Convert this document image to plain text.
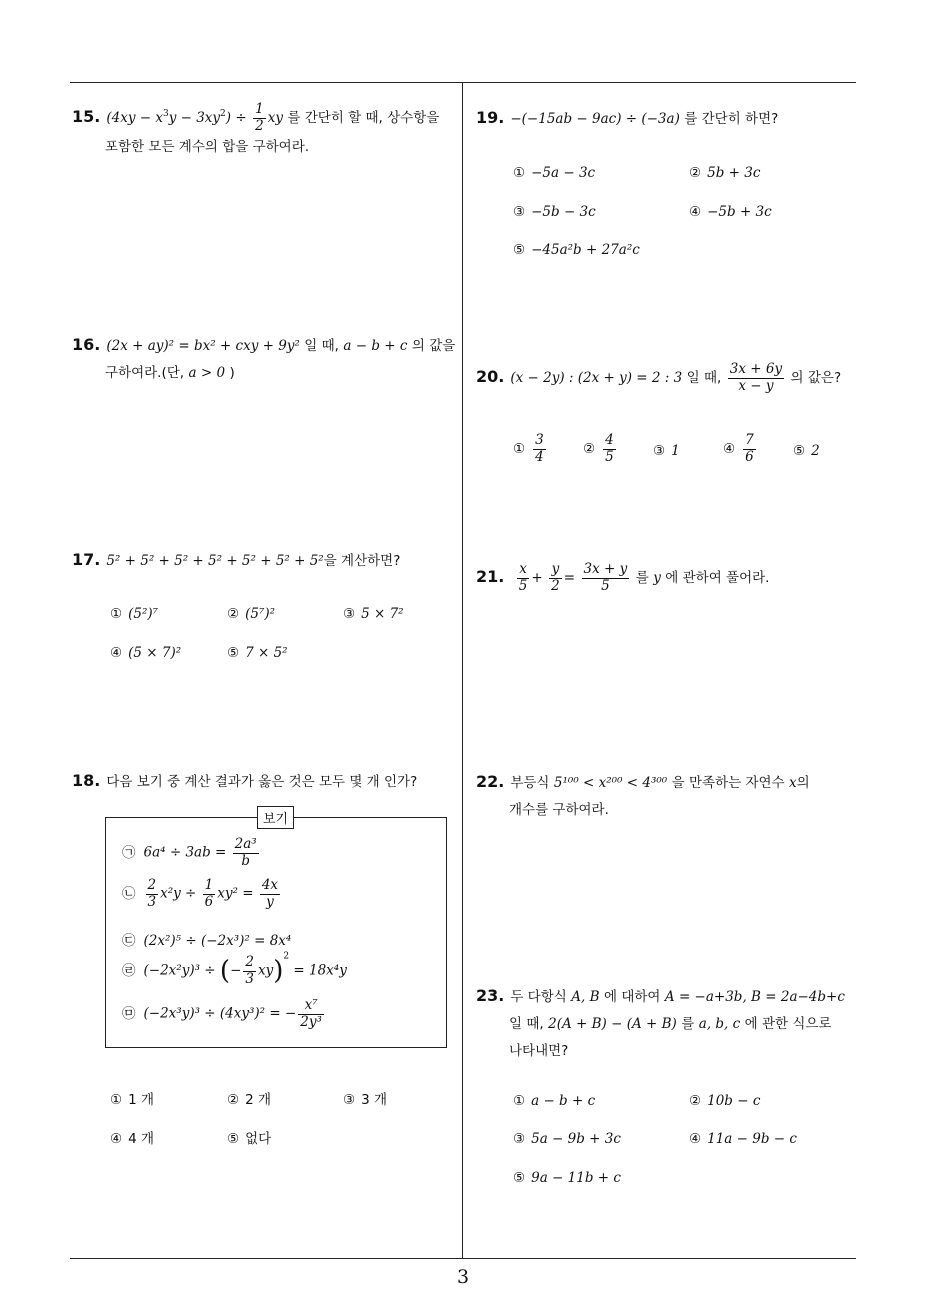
3
15. $(4xy - x^3y - 3xy^2) \div \frac{1}{2}$ xy 를 간단히 할 때, 상수항을
포함한 모든 계수의 합을 구하여라.
16. (2x + ay)² = bx² + cxy + 9y² 일 때, a − b + c 의 값을
구하여라.(단, a > 0 )
17. 5² + 5² + 5² + 5² + 5² + 5² + 5²을 계산하면?
① (5²)⁷	② (5⁷)²	③ 5 × 7²
④ (5 × 7)²	⑤ 7 × 5²
18. 다음 보기 중 계산 결과가 옳은 것은 모두 몇 개 인가?
보기
㉠ $6a^4 \div 3ab = \frac{\text{2a³}}{b}$
㉡ $\frac{2}{3} x^2y \div \frac{1}{6} xy^2 = \frac{4x}{y}$
㉢ (2x²)⁵ ÷ (−2x³)² = 8x⁴
㉣ (−2x²y)³ ÷ (− $\frac{2}{3} xy)^2 = 18x^4y$
㉤ (−2x³y)³ ÷ (4xy³)² = − $\frac{\text{x⁷}}{\text{2y³}}$
① 1 개	② 2 개	③ 3 개
④ 4 개	⑤ 없다
19. −(−15ab − 9ac) ÷ (−3a) 를 간단히 하면?
① −5a − 3c	② 5b + 3c
③ −5b − 3c	④ −5b + 3c
⑤ −45a²b + 27a²c
20. (x − 2y) : (2x + y) = 2 : 3 일 때, $\frac{3x + 6y}{x - y}$ 의 값은?
① $\frac{3}{4}$	② $\frac{4}{5}$	③ 1	④ $\frac{7}{6}$	⑤ 2
21. $\frac{x}{5} + \frac{y}{2} = \frac{3x + y}{5}$ 를 y 에 관하여 풀어라.
22. 부등식 5¹⁰⁰ < x²⁰⁰ < 4³⁰⁰ 을 만족하는 자연수 x의
개수를 구하여라.
23. 두 다항식 A, B 에 대하여 A = −a+3b, B = 2a−4b+c
일 때, 2(A + B) − (A + B) 를 a, b, c 에 관한 식으로
나타내면?
① a − b + c	② 10b − c
③ 5a − 9b + 3c	④ 11a − 9b − c
⑤ 9a − 11b + c
